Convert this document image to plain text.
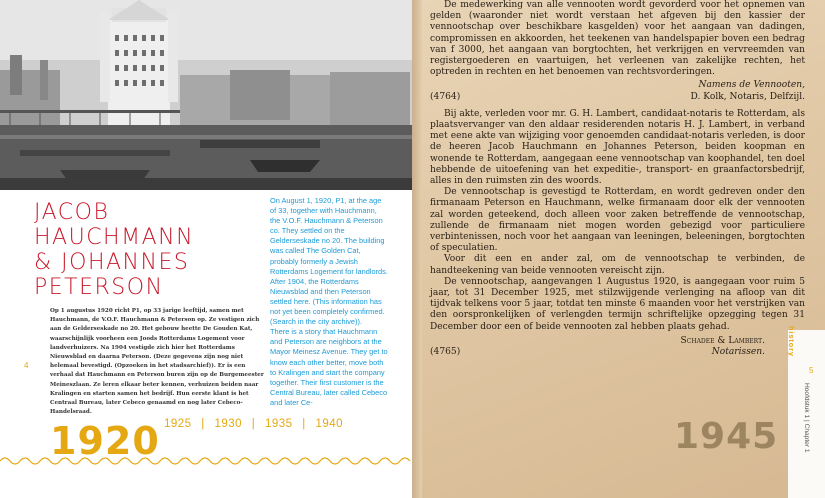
JACOB HAUCHMANN
& JOHANNES
PETERSON

On August 1, 1920, P1, at the age of 33, together with Hauchmann, the V.O.F. Hauchmann & Peterson co. They settled on the Gelderseskade no 20. The building was called The Golden Cat, probably formerly a Jewish Rotterdams Logement for landlords. After 1904, the Rotterdams Nieuwsblad and then Peterson settled here. (This information has not yet been completely confirmed. (Search in the city archive)).

There is a story that Hauchmann and Peterson are neighbors at the Mayor Meinesz Avenue. They get to know each other better, move both to Kralingen and start the company together. Their first customer is the Central Bureau, later called Cebeco and later Ce-

Op 1 augustus 1920 richt P1, op 33 jarige leeftijd, samen met Hauchmann, de V.O.F. Hauchmann & Peterson op. Ze vestigen zich aan de Gelderseskade no 20. Het gebouw heette De Gouden Kat, waarschijnlijk voorheen een Joods Rotterdams Logement voor landverhuizers. Na 1904 vestigde zich hier het Rotterdams Nieuwsblad en daarna Peterson. (Deze gegevens zijn nog niet helemaal bevestigd. (Opzoeken in het stadsarchief)). Er is een verhaal dat Hauchmann en Peterson buren zijn op de Burgemeester Meineszlaan. Ze leren elkaar beter kennen, verhuizen beiden naar Kralingen en starten samen het bedrijf. Hun eerste klant is het Centraal Bureau, later Cebeco genaamd en nog later Cebeco-Handelsraad.

4
1920 1925 | 1930 | 1935 | 1940

De medewerking van alle vennooten wordt gevorderd voor het opnemen van gelden (waaronder niet wordt verstaan het afgeven bij den kassier der vennootschap over beschikbare kasgelden) voor het aangaan van dadingen, compromissen en akkoorden, het teekenen van handelspapier boven een bedrag van f 3000, het aangaan van borgtochten, het verkrijgen en vervreemden van registergoederen en vaartuigen, het verleenen van zakelijke rechten, het optreden in rechten en het benoemen van rechtsvorderingen.

Namens de Vennooten,
(4764)	D. Kolk, Notaris, Delfzijl.

Bij akte, verleden voor mr. G. H. Lambert, candidaat-notaris te Rotterdam, als plaatsvervanger van den aldaar residerenden notaris H. J. Lambert, in verband met eene akte van wijziging voor genoemden candidaat-notaris verleden, is door de heeren Jacob Hauchmann en Johannes Peterson, beiden koopman en wonende te Rotterdam, aangegaan eene vennootschap van koophandel, ten doel hebbende de uitoefening van het expeditie-, transport- en graanfactorsbedrijf, alles in den ruimsten zin des woords.

De vennootschap is gevestigd te Rotterdam, en wordt gedreven onder den firmanaam Peterson en Hauchmann, welke firmanaam door elk der vennooten zal worden geteekend, doch alleen voor zaken betreffende de vennootschap, zullende de firmanaam niet mogen worden gebezigd voor particuliere verbintenissen, noch voor het aangaan van leeningen, beleeningen, borgtochten of speculatien.

Voor dit een en ander zal, om de vennootschap te verbinden, de handteekening van beide vennooten vereischt zijn.

De vennootschap, aangevangen 1 Augustus 1920, is aangegaan voor ruim 5 jaar, tot 31 December 1925, met stilzwijgende verlenging na afloop van dit tijdvak telkens voor 5 jaar, totdat ten minste 6 maanden voor het verstrijken van den oorspronkelijken of verlengden termijn schriftelijke opzegging tegen 31 December door een of beide vennooten zal hebben plaats gehad.

Schadee & Lambert.
(4765)	Notarissen.
1945
history
5
Hoofdstuk 1 | Chapter 1
